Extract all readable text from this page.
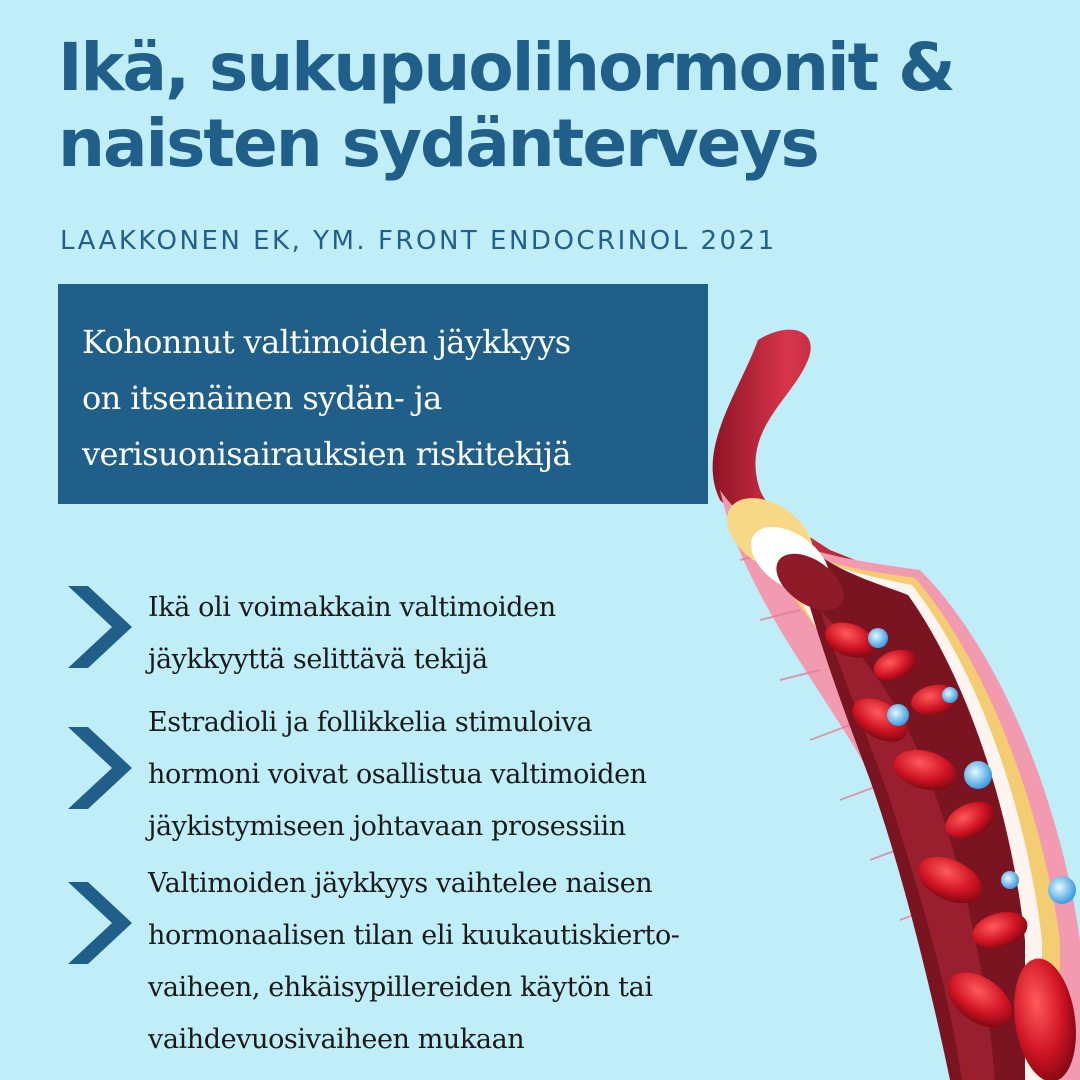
Ikä, sukupuolihormonit &
naisten sydänterveys
LAAKKONEN EK, YM. FRONT ENDOCRINOL 2021
Kohonnut valtimoiden jäykkyys
on itsenäinen sydän- ja
verisuonisairauksien riskitekijä
Ikä oli voimakkain valtimoiden
jäykkyyttä selittävä tekijä
Estradioli ja follikkelia stimuloiva
hormoni voivat osallistua valtimoiden
jäykistymiseen johtavaan prosessiin
Valtimoiden jäykkyys vaihtelee naisen
hormonaalisen tilan eli kuukautiskierto-
vaiheen, ehkäisypillereiden käytön tai
vaihdevuosivaiheen mukaan
